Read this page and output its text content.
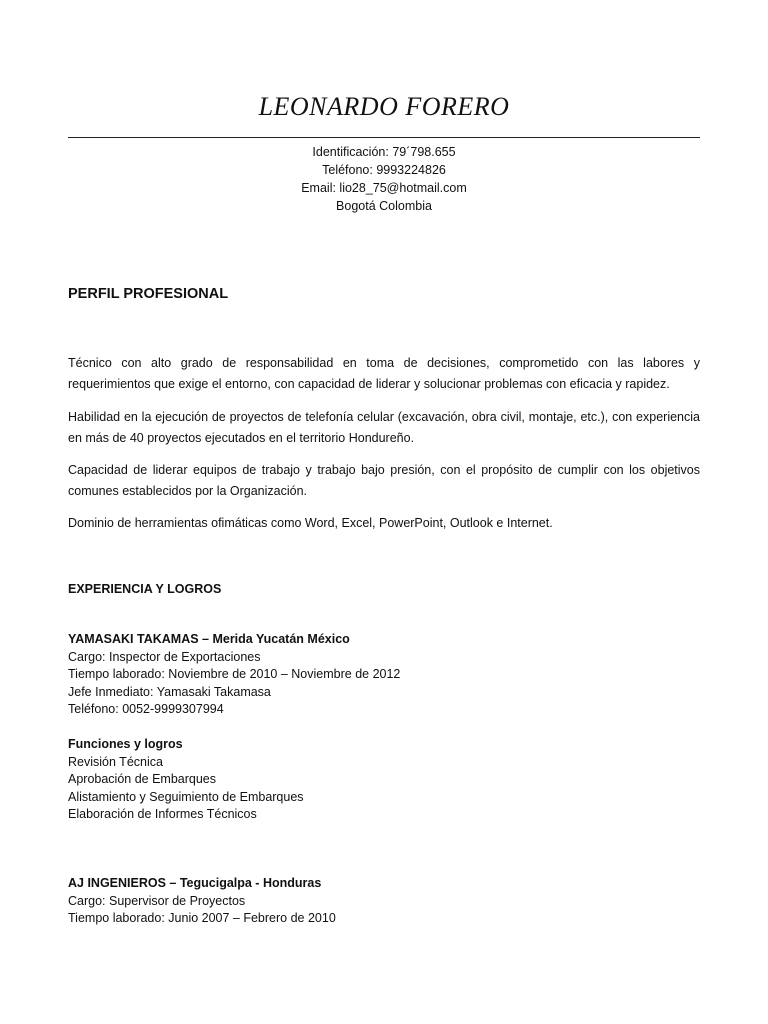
LEONARDO FORERO
Identificación: 79´798.655
Teléfono: 9993224826
Email: lio28_75@hotmail.com
Bogotá Colombia
PERFIL PROFESIONAL
Técnico con alto grado de responsabilidad en toma de decisiones, comprometido con las labores y requerimientos que exige el entorno, con capacidad de liderar y solucionar problemas con eficacia y rapidez.
Habilidad en la ejecución de proyectos de telefonía celular (excavación, obra civil, montaje, etc.), con experiencia en más de 40 proyectos ejecutados en el territorio Hondureño.
Capacidad de liderar equipos de trabajo y trabajo bajo presión, con el propósito de cumplir con los objetivos comunes establecidos por la Organización.
Dominio de herramientas ofimáticas como Word, Excel, PowerPoint, Outlook e Internet.
EXPERIENCIA Y LOGROS
YAMASAKI TAKAMAS – Merida Yucatán México
Cargo: Inspector de Exportaciones
Tiempo laborado: Noviembre de 2010 – Noviembre de 2012
Jefe Inmediato: Yamasaki Takamasa
Teléfono: 0052-9999307994
Funciones y logros
Revisión Técnica
Aprobación de Embarques
Alistamiento y Seguimiento de Embarques
Elaboración de Informes Técnicos
AJ INGENIEROS – Tegucigalpa - Honduras
Cargo: Supervisor de Proyectos
Tiempo laborado: Junio 2007 – Febrero de 2010
